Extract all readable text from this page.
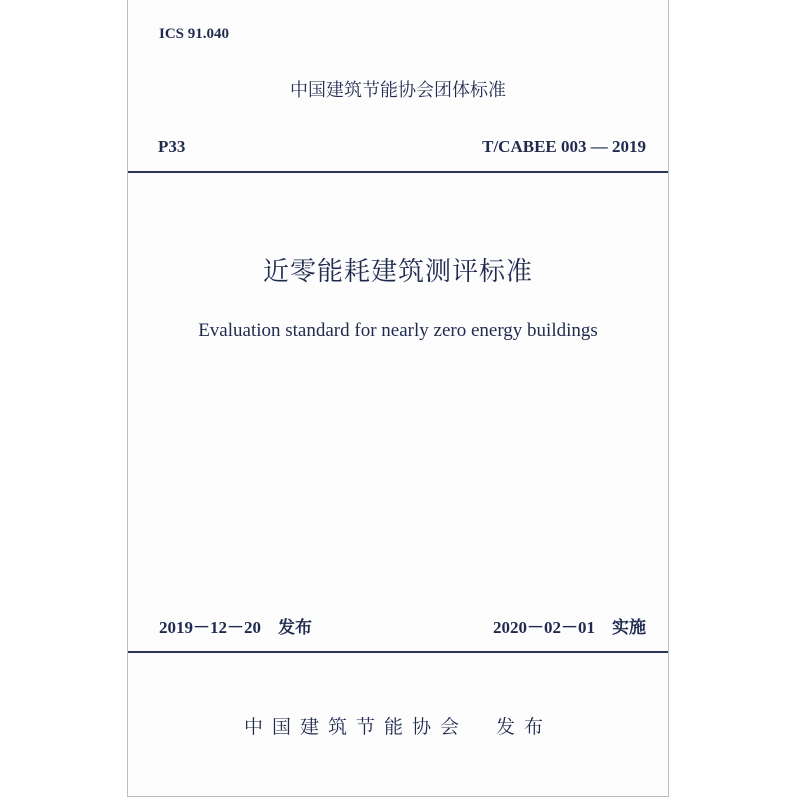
ICS 91.040
中国建筑节能协会团体标准
P33	T/CABEE 003 — 2019
近零能耗建筑测评标准
Evaluation standard for nearly zero energy buildings
2019－12－20　发布	2020－02－01　实施
中国建筑节能协会　发布
